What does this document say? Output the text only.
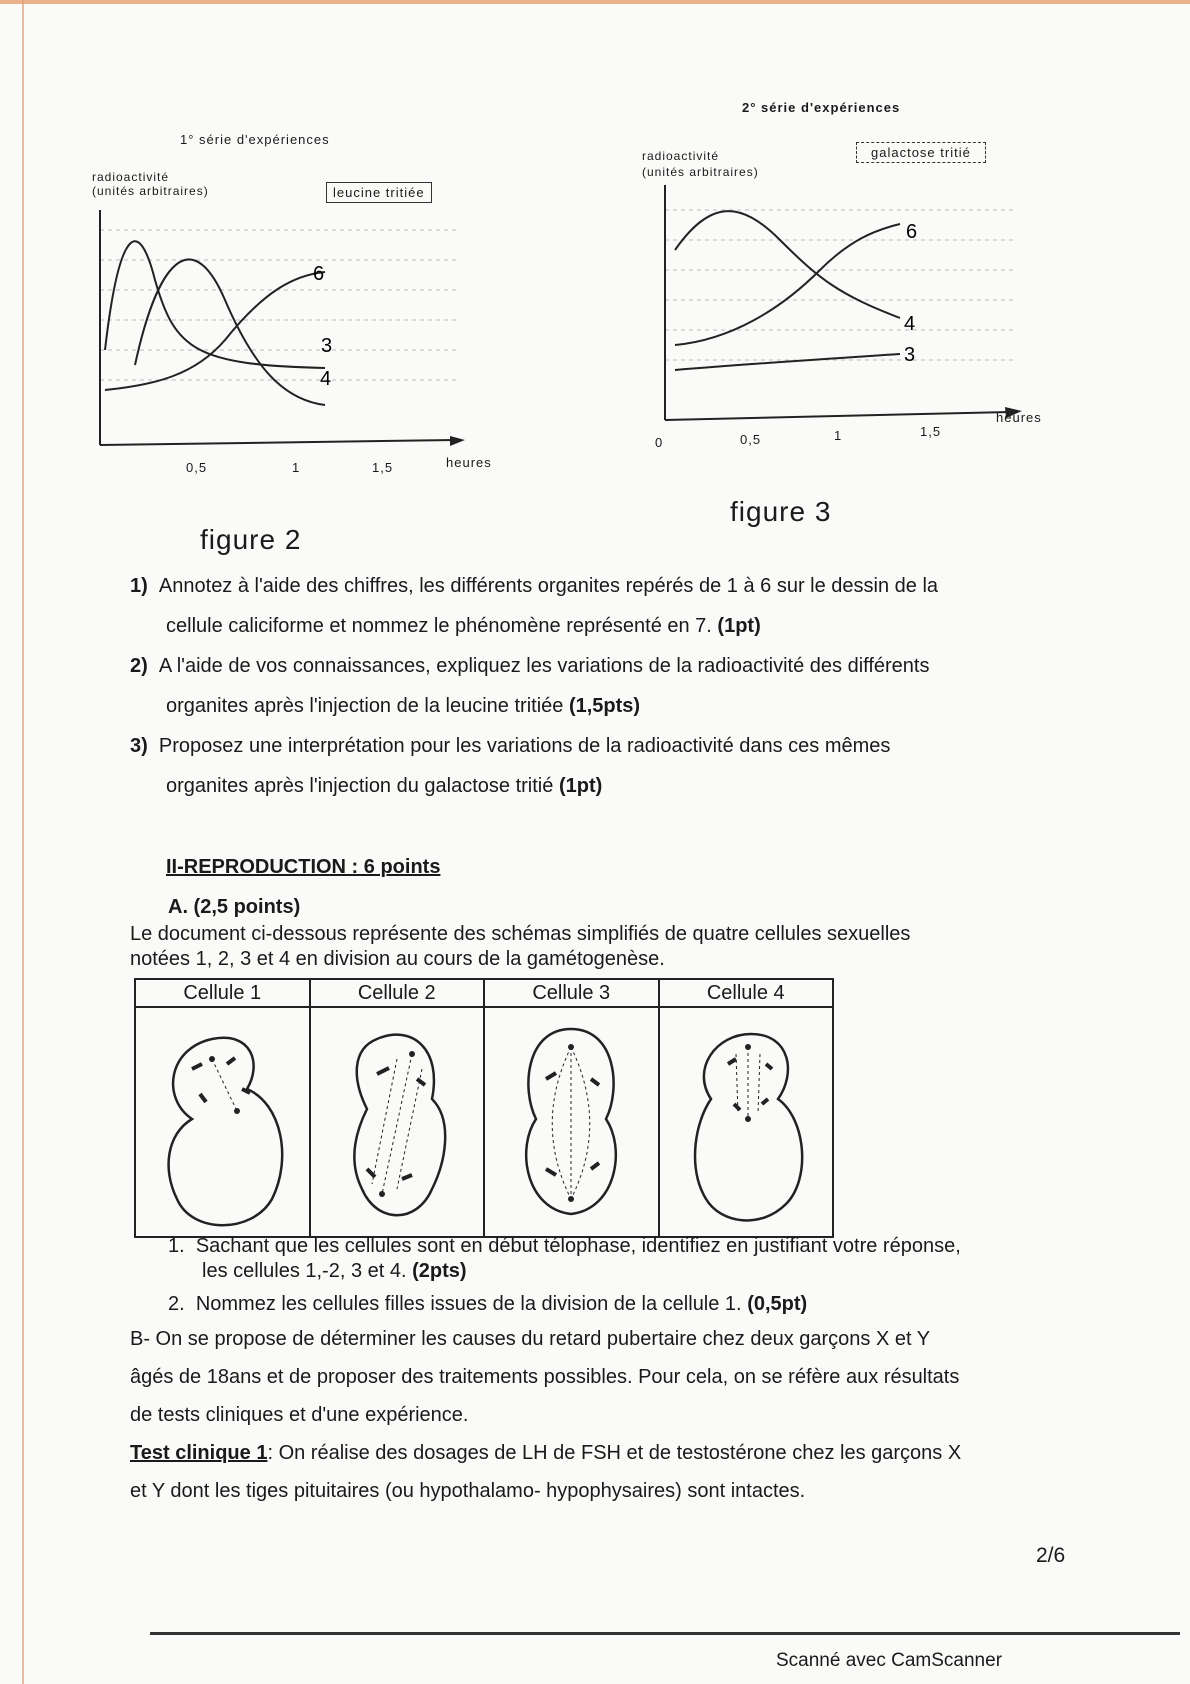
1° série d'expériences
radioactivité
(unités arbitraires)	leucine tritiée
6
3
4
0,5	1	1,5	heures
figure 2
2° série d'expériences
radioactivité
(unités arbitraires)
galactose tritié
6
4
3
0	0,5	1	1,5
heures
figure 3
1) Annotez à l'aide des chiffres, les différents organites repérés de 1 à 6 sur le dessin de la
cellule caliciforme et nommez le phénomène représenté en 7. (1pt)
2) A l'aide de vos connaissances, expliquez les variations de la radioactivité des différents
organites après l'injection de la leucine tritiée (1,5pts)
3) Proposez une interprétation pour les variations de la radioactivité dans ces mêmes
organites après l'injection du galactose tritié (1pt)
II-REPRODUCTION : 6 points
A. (2,5 points)
Le document ci-dessous représente des schémas simplifiés de quatre cellules sexuelles
notées 1, 2, 3 et 4 en division au cours de la gamétogenèse.
Cellule 1	Cellule 2	Cellule 3	Cellule 4

1. Sachant que les cellules sont en début télophase, identifiez en justifiant votre réponse,
les cellules 1,-2, 3 et 4. (2pts)
2. Nommez les cellules filles issues de la division de la cellule 1. (0,5pt)
B- On se propose de déterminer les causes du retard pubertaire chez deux garçons X et Y
âgés de 18ans et de proposer des traitements possibles. Pour cela, on se réfère aux résultats
de tests cliniques et d'une expérience.
Test clinique 1: On réalise des dosages de LH de FSH et de testostérone chez les garçons X
et Y dont les tiges pituitaires (ou hypothalamo- hypophysaires) sont intactes.
2/6
Scanné avec CamScanner
